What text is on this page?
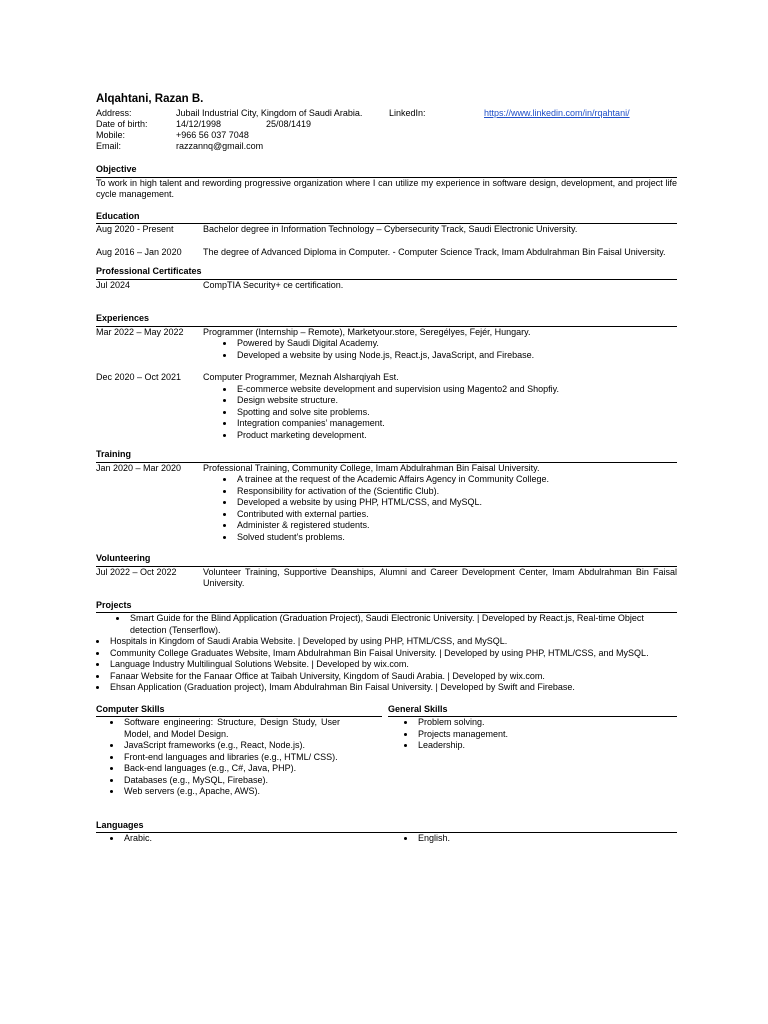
Alqahtani, Razan B.
Address:	Jubail Industrial City, Kingdom of Saudi Arabia.	LinkedIn:	https://www.linkedin.com/in/rqahtani/
Date of birth:	14/12/1998	25/08/1419
Mobile:	+966 56 037 7048
Email:	razzannq@gmail.com
Objective
To work in high talent and rewording progressive organization where I can utilize my experience in software design, development, and project life cycle management.
Education
Aug 2020 - Present	Bachelor degree in Information Technology – Cybersecurity Track, Saudi Electronic University.
Aug 2016 – Jan 2020	The degree of Advanced Diploma in Computer. - Computer Science Track, Imam Abdulrahman Bin Faisal University.
Professional Certificates
Jul 2024	CompTIA Security+ ce certification.
Experiences
Mar 2022 – May 2022	Programmer (Internship – Remote), Marketyour.store, Seregélyes, Fejér, Hungary.
• Powered by Saudi Digital Academy.
• Developed a website by using Node.js, React.js, JavaScript, and Firebase.
Dec 2020 – Oct 2021	Computer Programmer, Meznah Alsharqiyah Est.
• E-commerce website development and supervision using Magento2 and Shopfiy.
• Design website structure.
• Spotting and solve site problems.
• Integration companies’ management.
• Product marketing development.
Training
Jan 2020 – Mar 2020	Professional Training, Community College, Imam Abdulrahman Bin Faisal University.
• A trainee at the request of the Academic Affairs Agency in Community College.
• Responsibility for activation of the (Scientific Club).
• Developed a website by using PHP, HTML/CSS, and MySQL.
• Contributed with external parties.
• Administer & registered students.
• Solved student’s problems.
Volunteering
Jul 2022 – Oct 2022	Volunteer Training, Supportive Deanships, Alumni and Career Development Center, Imam Abdulrahman Bin Faisal University.
Projects
• Smart Guide for the Blind Application (Graduation Project), Saudi Electronic University. | Developed by React.js, Real-time Object detection (Tenserflow).
• Hospitals in Kingdom of Saudi Arabia Website. | Developed by using PHP, HTML/CSS, and MySQL.
• Community College Graduates Website, Imam Abdulrahman Bin Faisal University. | Developed by using PHP, HTML/CSS, and MySQL.
• Language Industry Multilingual Solutions Website. | Developed by wix.com.
• Fanaar Website for the Fanaar Office at Taibah University, Kingdom of Saudi Arabia. | Developed by wix.com.
• Ehsan Application (Graduation project), Imam Abdulrahman Bin Faisal University. | Developed by Swift and Firebase.
Computer Skills
• Software engineering: Structure, Design Study, User Model, and Model Design.
• JavaScript frameworks (e.g., React, Node.js).
• Front-end languages and libraries (e.g., HTML/ CSS).
• Back-end languages (e.g., C#, Java, PHP).
• Databases (e.g., MySQL, Firebase).
• Web servers (e.g., Apache, AWS).
General Skills
• Problem solving.
• Projects management.
• Leadership.
Languages
• Arabic.
•	English.
